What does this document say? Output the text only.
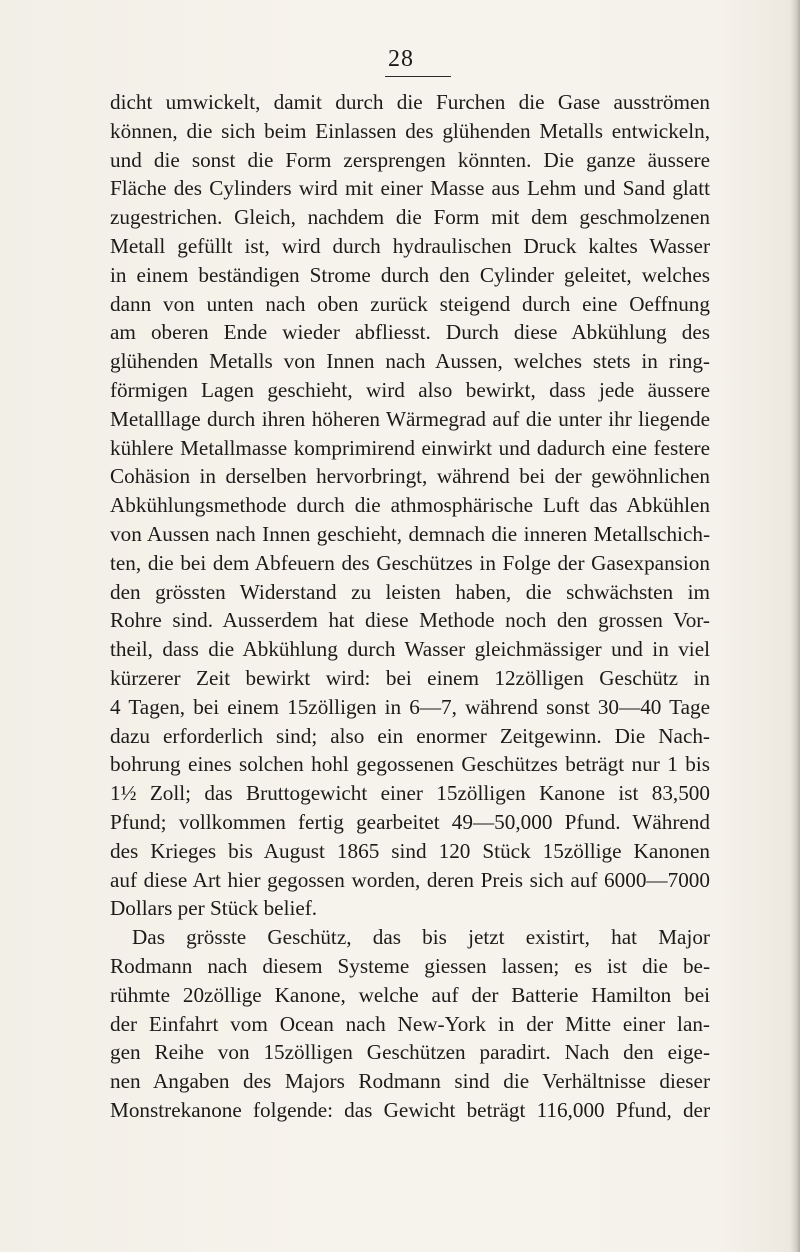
28
dicht umwickelt, damit durch die Furchen die Gase ausströmen
können, die sich beim Einlassen des glühenden Metalls entwickeln,
und die sonst die Form zersprengen könnten. Die ganze äussere
Fläche des Cylinders wird mit einer Masse aus Lehm und Sand glatt
zugestrichen. Gleich, nachdem die Form mit dem geschmolzenen
Metall gefüllt ist, wird durch hydraulischen Druck kaltes Wasser
in einem beständigen Strome durch den Cylinder geleitet, welches
dann von unten nach oben zurück steigend durch eine Oeffnung
am oberen Ende wieder abfliesst. Durch diese Abkühlung des
glühenden Metalls von Innen nach Aussen, welches stets in ring-
förmigen Lagen geschieht, wird also bewirkt, dass jede äussere
Metalllage durch ihren höheren Wärmegrad auf die unter ihr liegende
kühlere Metallmasse komprimirend einwirkt und dadurch eine festere
Cohäsion in derselben hervorbringt, während bei der gewöhnlichen
Abkühlungsmethode durch die athmosphärische Luft das Abkühlen
von Aussen nach Innen geschieht, demnach die inneren Metallschich-
ten, die bei dem Abfeuern des Geschützes in Folge der Gasexpansion
den grössten Widerstand zu leisten haben, die schwächsten im
Rohre sind. Ausserdem hat diese Methode noch den grossen Vor-
theil, dass die Abkühlung durch Wasser gleichmässiger und in viel
kürzerer Zeit bewirkt wird: bei einem 12zölligen Geschütz in
4 Tagen, bei einem 15zölligen in 6—7, während sonst 30—40 Tage
dazu erforderlich sind; also ein enormer Zeitgewinn. Die Nach-
bohrung eines solchen hohl gegossenen Geschützes beträgt nur 1 bis
1½ Zoll; das Bruttogewicht einer 15zölligen Kanone ist 83,500
Pfund; vollkommen fertig gearbeitet 49—50,000 Pfund. Während
des Krieges bis August 1865 sind 120 Stück 15zöllige Kanonen
auf diese Art hier gegossen worden, deren Preis sich auf 6000—7000
Dollars per Stück belief.
Das grösste Geschütz, das bis jetzt existirt, hat Major
Rodmann nach diesem Systeme giessen lassen; es ist die be-
rühmte 20zöllige Kanone, welche auf der Batterie Hamilton bei
der Einfahrt vom Ocean nach New-York in der Mitte einer lan-
gen Reihe von 15zölligen Geschützen paradirt. Nach den eige-
nen Angaben des Majors Rodmann sind die Verhältnisse dieser
Monstrekanone folgende: das Gewicht beträgt 116,000 Pfund, der
